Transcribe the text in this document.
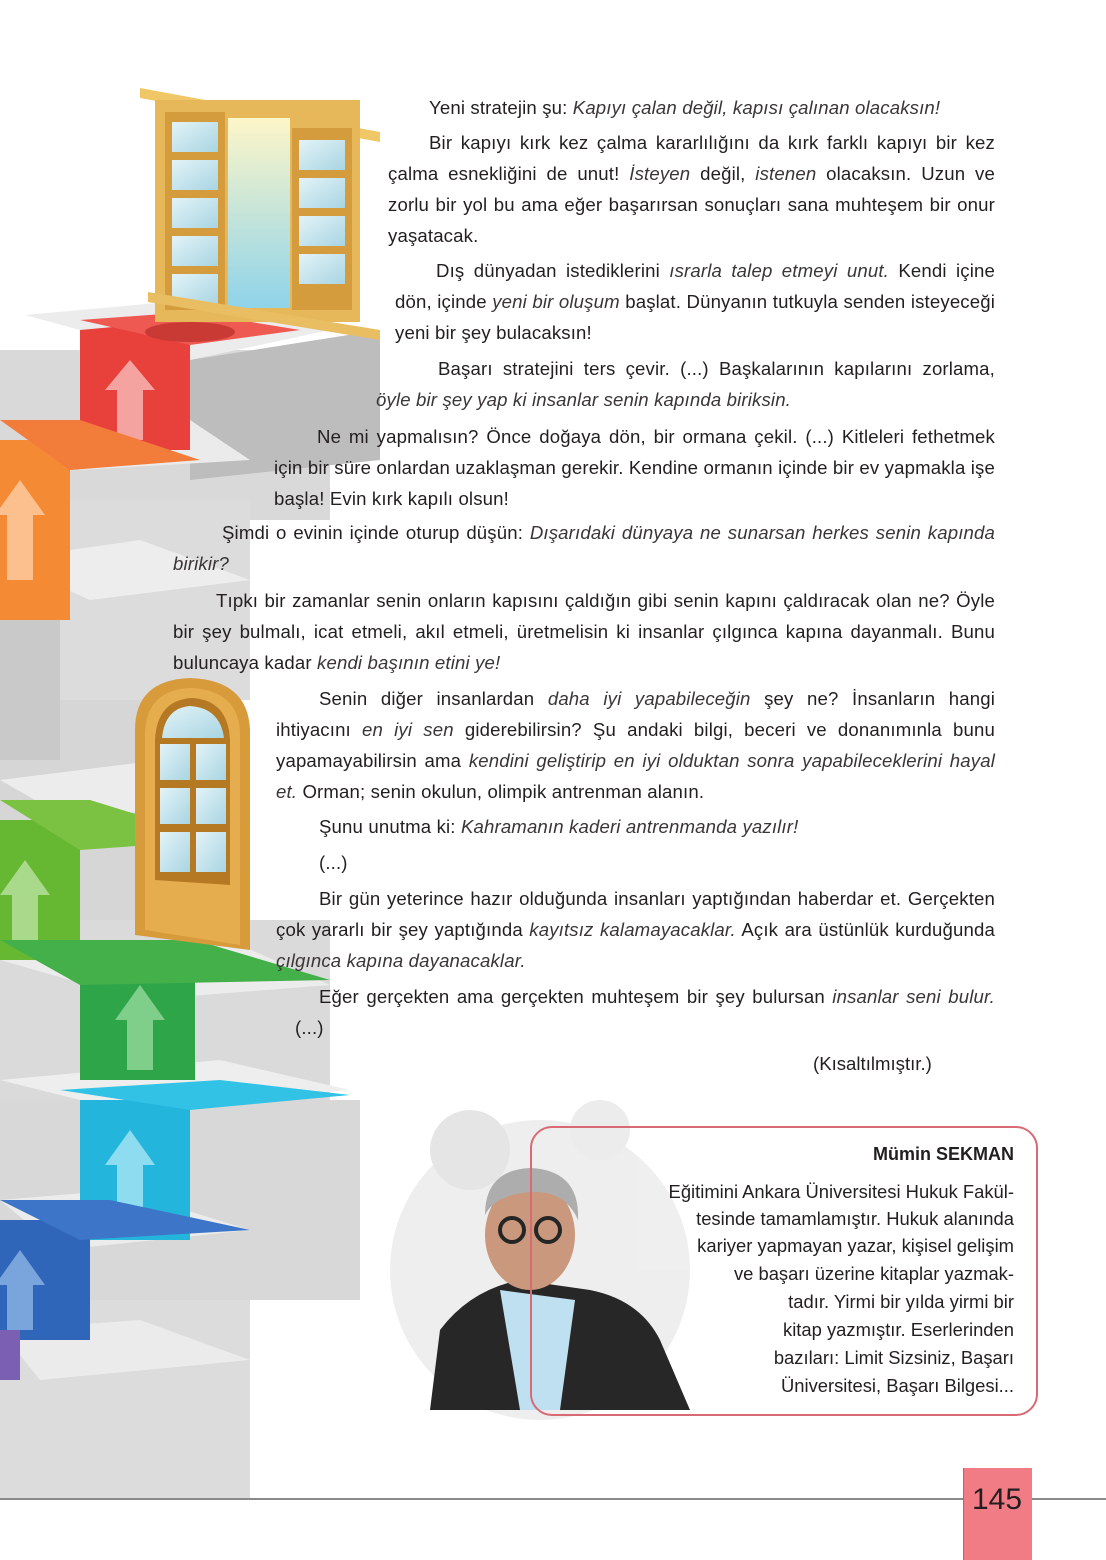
Yeni stratejin şu: Kapıyı çalan değil, kapısı çalınan olacaksın!

Bir kapıyı kırk kez çalma kararlılığını da kırk farklı kapıyı bir kez çalma esnekliğini de unut! İsteyen değil, istenen olacaksın. Uzun ve zorlu bir yol bu ama eğer başarırsan sonuçları sana muhteşem bir onur yaşatacak.

Dış dünyadan istediklerini ısrarla talep etmeyi unut. Kendi içine dön, içinde yeni bir oluşum başlat. Dünyanın tutkuyla senden isteyeceği yeni bir şey bulacaksın!

Başarı stratejini ters çevir. (...) Başkalarının kapılarını zorlama, öyle bir şey yap ki insanlar senin kapında biriksin.

Ne mi yapmalısın? Önce doğaya dön, bir ormana çekil. (...) Kitleleri fethetmek için bir süre onlardan uzaklaşman gerekir. Kendine ormanın içinde bir ev yapmakla işe başla! Evin kırk kapılı olsun!

Şimdi o evinin içinde oturup düşün: Dışarıdaki dünyaya ne sunarsan herkes senin kapında birikir?

Tıpkı bir zamanlar senin onların kapısını çaldığın gibi senin kapını çaldıracak olan ne? Öyle bir şey bulmalı, icat etmeli, akıl etmeli, üretmelisin ki insanlar çılgınca kapına dayanmalı. Bunu buluncaya kadar kendi başının etini ye!

Senin diğer insanlardan daha iyi yapabileceğin şey ne? İnsanların hangi ihtiyacını en iyi sen giderebilirsin? Şu andaki bilgi, beceri ve donanımınla bunu yapamayabilirsin ama kendini geliştirip en iyi olduktan sonra yapabileceklerini hayal et. Orman; senin okulun, olimpik antrenman alanın.

Şunu unutma ki: Kahramanın kaderi antrenmanda yazılır!

(...)

Bir gün yeterince hazır olduğunda insanları yaptığından haberdar et. Gerçekten çok yararlı bir şey yaptığında kayıtsız kalamayacaklar. Açık ara üstünlük kurduğunda çılgınca kapına dayanacaklar.

Eğer gerçekten ama gerçekten muhteşem bir şey bulursan insanlar seni bulur. (...)

(Kısaltılmıştır.)
Mümin SEKMAN
Eğitimini Ankara Üniversitesi Hukuk Fakül-
tesinde tamamlamıştır. Hukuk alanında
kariyer yapmayan yazar, kişisel gelişim
ve başarı üzerine kitaplar yazmak-
tadır. Yirmi bir yılda yirmi bir
kitap yazmıştır. Eserlerinden
bazıları: Limit Sizsiniz, Başarı
Üniversitesi, Başarı Bilgesi...
145
